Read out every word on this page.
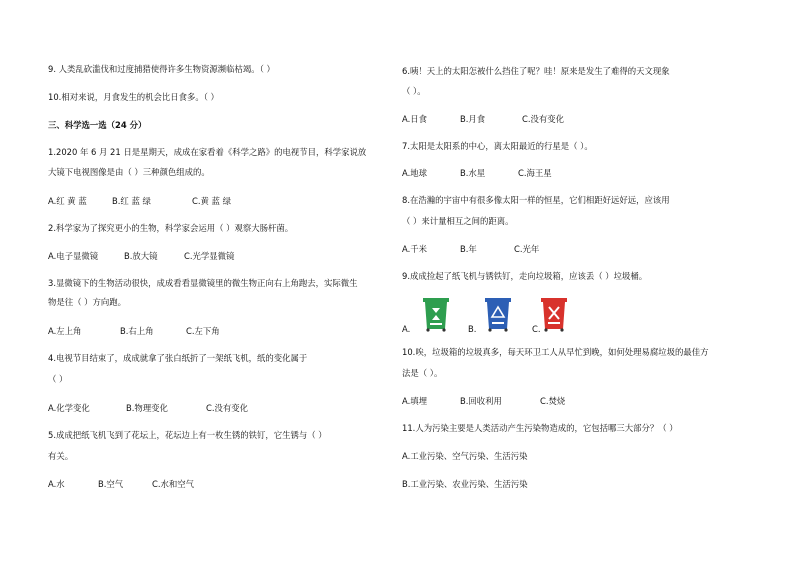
9. 人类乱砍滥伐和过度捕猎使得许多生物资源濒临枯竭。（ ）
10.相对来说，月食发生的机会比日食多。（ ）
三、科学选一选（24 分）
1.2020 年 6 月 21 日是星期天，成成在家看着《科学之路》的电视节目，科学家说放
大镜下电视图像是由（ ）三种颜色组成的。
A.红 黄 蓝	B.红 蓝 绿	C.黄 蓝 绿
2.科学家为了探究更小的生物，科学家会运用（ ）观察大肠杆菌。
A.电子显微镜	B.放大镜	C.光学显微镜
3.显微镜下的生物活动很快，成成看看显微镜里的微生物正向右上角跑去，实际微生
物是往（ ）方向跑。
A.左上角	B.右上角	C.左下角
4.电视节目结束了，成成就拿了张白纸折了一架纸飞机，纸的变化属于
（ ）
A.化学变化	B.物理变化	C.没有变化
5.成成把纸飞机飞到了花坛上，花坛边上有一枚生锈的铁钉，它生锈与（ ）
有关。
A.水	B.空气	C.水和空气
6.咦！天上的太阳怎被什么挡住了呢？哇！原来是发生了难得的天文现象
（ ）。
A.日食	B.月食	C.没有变化
7.太阳是太阳系的中心，离太阳最近的行星是（ ）。
A.地球	B.水星	C.海王星
8.在浩瀚的宇宙中有很多像太阳一样的恒星，它们相距好远好远，应该用
（ ）来计量相互之间的距离。
A.千米	B.年	C.光年
9.成成捡起了纸飞机与锈铁钉，走向垃圾箱，应该丢（ ）垃圾桶。
A.	B.	C.
10.唉，垃圾箱的垃圾真多，每天环卫工人从早忙到晚，如何处理易腐垃圾的最佳方
法是（ ）。
A.填埋	B.回收利用	C.焚烧
11.人为污染主要是人类活动产生污染物造成的，它包括哪三大部分？（ ）
A.工业污染、空气污染、生活污染
B.工业污染、农业污染、生活污染
